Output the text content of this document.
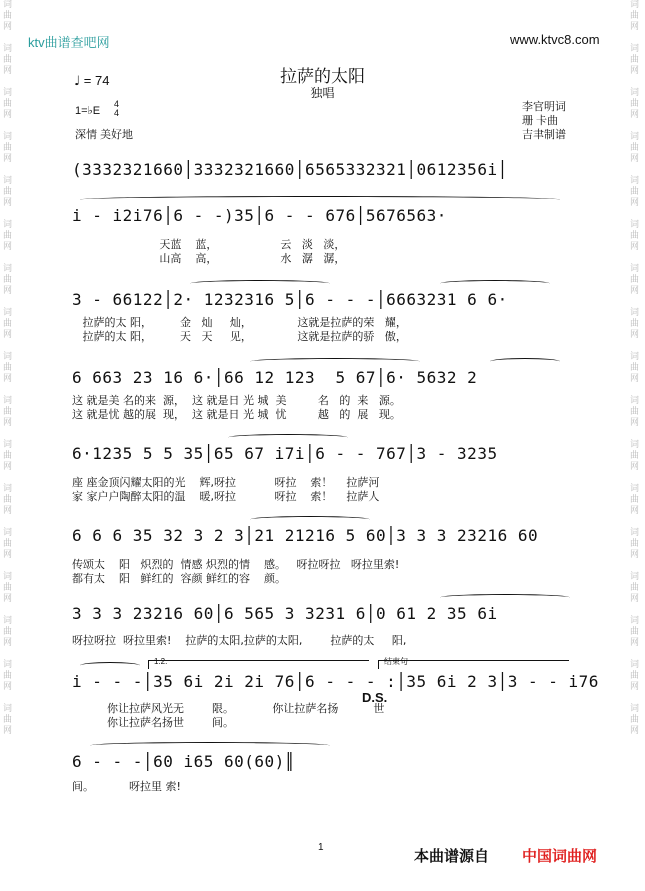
词
曲
网

词
曲
网

词
曲
网

词
曲
网

词
曲
网

词
曲
网

词
曲
网

词
曲
网

词
曲
网

词
曲
网

词
曲
网

词
曲
网

词
曲
网

词
曲
网

词
曲
网

词
曲
网

词
曲
网
词
曲
网

词
曲
网

词
曲
网

词
曲
网

词
曲
网

词
曲
网

词
曲
网

词
曲
网

词
曲
网

词
曲
网

词
曲
网

词
曲
网

词
曲
网

词
曲
网

词
曲
网

词
曲
网

词
曲
网
ktv曲谱查吧网	www.ktvc8.com
拉萨的太阳
独唱
♩ = 74
1=♭E
4
4
深情 美好地
李官明词
珊 卡曲
吉聿制谱
(3332321660│3332321660│6565332321│0612356i│
i - i2i76│6 - -)35│6 - - 676│5676563·
天蓝    蓝，                  云   淡   淡，
山高    高，                  水   潺   潺，
3 - 66122│2· 1232316 5│6 - - -│6663231 6 6·
拉萨的太 阳，        金   灿     灿，             这就是拉萨的荣   耀，
拉萨的太 阳，        天   天     见，             这就是拉萨的骄   傲，
6 663 23 16 6·│66 12 123  5 67│6· 5632 2
这 就是美 名的来  源，  这 就是日 光 城  美         名   的  来   源。
这 就是忧 越的展  现，  这 就是日 光 城  忧         越   的  展   现。
6·1235 5 5 35│65 67 i7i│6 - - 767│3 - 3235
座 座金顶闪耀太阳的光    辉,呀拉           呀拉    索！    拉萨河
家 家户户陶醉太阳的温    暖,呀拉           呀拉    索！    拉萨人
6 6 6 35 32 3 2 3│21 21216 5 60│3 3 3 23216 60
传颂太    阳   炽烈的  情感 炽烈的情    感。   呀拉呀拉   呀拉里索!
都有太    阳   鲜红的  容颜 鲜红的容    颜。
3 3 3 23216 60│6 565 3 3231 6│0 61 2 35 6i
呀拉呀拉  呀拉里索!    拉萨的太阳,拉萨的太阳,        拉萨的太     阳,
1.2.	结束句
i - - -│35 6i 2i 2i 76│6 - - - :│35 6i 2 3│3 - - i76
D.S.
你让拉萨风光无        限。           你让拉萨名扬          世
你让拉萨名扬世        间。
6 - - -│60 i65 60(60)║
间。          呀拉里 索!
1
本曲谱源自 中国词曲网
